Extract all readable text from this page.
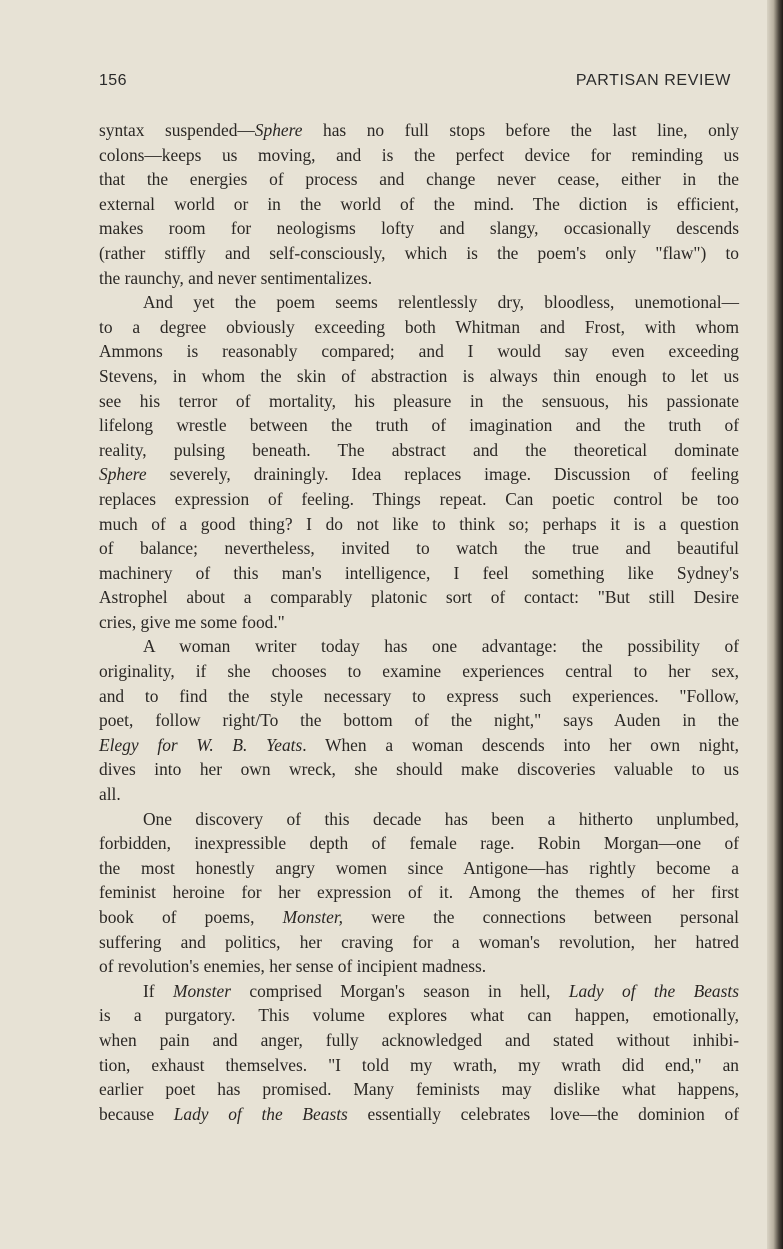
156	PARTISAN REVIEW
syntax suspended—Sphere has no full stops before the last line, only
colons—keeps us moving, and is the perfect device for reminding us
that the energies of process and change never cease, either in the
external world or in the world of the mind. The diction is efficient,
makes room for neologisms lofty and slangy, occasionally descends
(rather stiffly and self-consciously, which is the poem's only "flaw") to
the raunchy, and never sentimentalizes.
And yet the poem seems relentlessly dry, bloodless, unemotional—
to a degree obviously exceeding both Whitman and Frost, with whom
Ammons is reasonably compared; and I would say even exceeding
Stevens, in whom the skin of abstraction is always thin enough to let us
see his terror of mortality, his pleasure in the sensuous, his passionate
lifelong wrestle between the truth of imagination and the truth of
reality, pulsing beneath. The abstract and the theoretical dominate
Sphere severely, drainingly. Idea replaces image. Discussion of feeling
replaces expression of feeling. Things repeat. Can poetic control be too
much of a good thing? I do not like to think so; perhaps it is a question
of balance; nevertheless, invited to watch the true and beautiful
machinery of this man's intelligence, I feel something like Sydney's
Astrophel about a comparably platonic sort of contact: "But still Desire
cries, give me some food."
A woman writer today has one advantage: the possibility of
originality, if she chooses to examine experiences central to her sex,
and to find the style necessary to express such experiences. "Follow,
poet, follow right/To the bottom of the night," says Auden in the
Elegy for W. B. Yeats. When a woman descends into her own night,
dives into her own wreck, she should make discoveries valuable to us
all.
One discovery of this decade has been a hitherto unplumbed,
forbidden, inexpressible depth of female rage. Robin Morgan—one of
the most honestly angry women since Antigone—has rightly become a
feminist heroine for her expression of it. Among the themes of her first
book of poems, Monster, were the connections between personal
suffering and politics, her craving for a woman's revolution, her hatred
of revolution's enemies, her sense of incipient madness.
If Monster comprised Morgan's season in hell, Lady of the Beasts
is a purgatory. This volume explores what can happen, emotionally,
when pain and anger, fully acknowledged and stated without inhibi-
tion, exhaust themselves. "I told my wrath, my wrath did end," an
earlier poet has promised. Many feminists may dislike what happens,
because Lady of the Beasts essentially celebrates love—the dominion of
